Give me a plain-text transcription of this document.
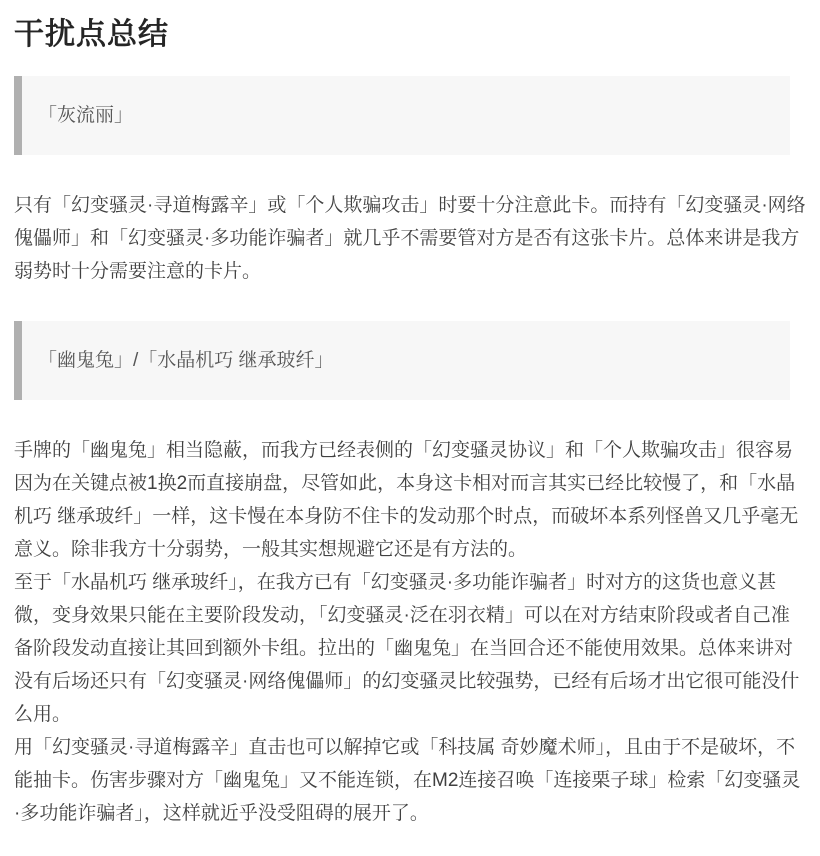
干扰点总结
「灰流丽」

只有「幻变骚灵·寻道梅露辛」或「个人欺骗攻击」时要十分注意此卡。而持有「幻变骚灵·网络傀儡师」和「幻变骚灵·多功能诈骗者」就几乎不需要管对方是否有这张卡片。总体来讲是我方弱势时十分需要注意的卡片。

「幽鬼兔」/「水晶机巧 继承玻纤」

手牌的「幽鬼兔」相当隐蔽，而我方已经表侧的「幻变骚灵协议」和「个人欺骗攻击」很容易因为在关键点被1换2而直接崩盘，尽管如此，本身这卡相对而言其实已经比较慢了，和「水晶机巧 继承玻纤」一样，这卡慢在本身防不住卡的发动那个时点，而破坏本系列怪兽又几乎毫无意义。除非我方十分弱势，一般其实想规避它还是有方法的。

至于「水晶机巧 继承玻纤」，在我方已有「幻变骚灵·多功能诈骗者」时对方的这货也意义甚微，变身效果只能在主要阶段发动，「幻变骚灵·泛在羽衣精」可以在对方结束阶段或者自己准备阶段发动直接让其回到额外卡组。拉出的「幽鬼兔」在当回合还不能使用效果。总体来讲对没有后场还只有「幻变骚灵·网络傀儡师」的幻变骚灵比较强势，已经有后场才出它很可能没什么用。

用「幻变骚灵·寻道梅露辛」直击也可以解掉它或「科技属 奇妙魔术师」，且由于不是破坏，不能抽卡。伤害步骤对方「幽鬼兔」又不能连锁，在M2连接召唤「连接栗子球」检索「幻变骚灵·多功能诈骗者」，这样就近乎没受阻碍的展开了。
